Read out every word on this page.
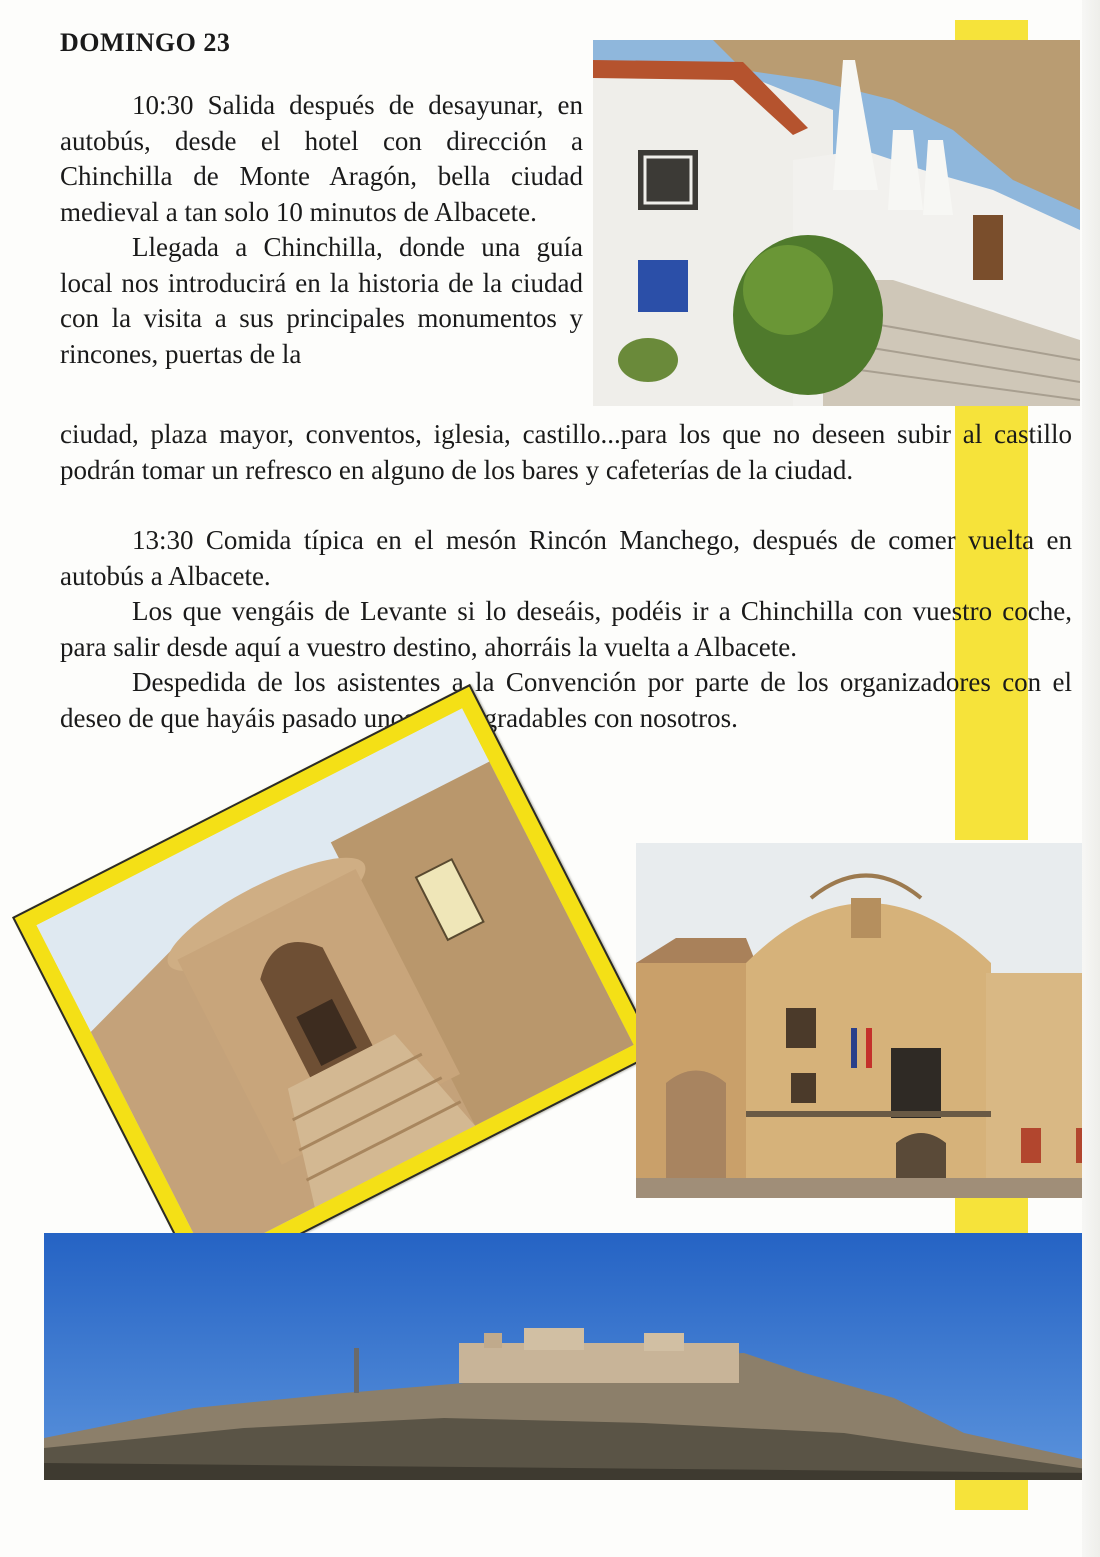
DOMINGO 23

10:30 Salida después de desayunar, en autobús, desde el hotel con dirección a Chinchilla de Monte Aragón, bella ciudad medieval a tan solo 10 minutos de Albacete.

Llegada a Chinchilla, donde una guía local nos introducirá en la historia de la ciudad con la visita a sus principales monumentos y rincones, puertas de la

ciudad, plaza mayor, conventos, iglesia, castillo...para los que no deseen subir al castillo podrán tomar un refresco en alguno de los bares y cafeterías de la ciudad.

13:30 Comida típica en el mesón Rincón Manchego, después de comer vuelta en autobús a Albacete.

Los que vengáis de Levante si lo deseáis, podéis ir a Chinchilla con vuestro coche, para salir desde aquí a vuestro destino, ahorráis la vuelta a Albacete.

Despedida de los asistentes a la Convención por parte de los organizadores con el deseo de que hayáis pasado unos días agradables con nosotros.
